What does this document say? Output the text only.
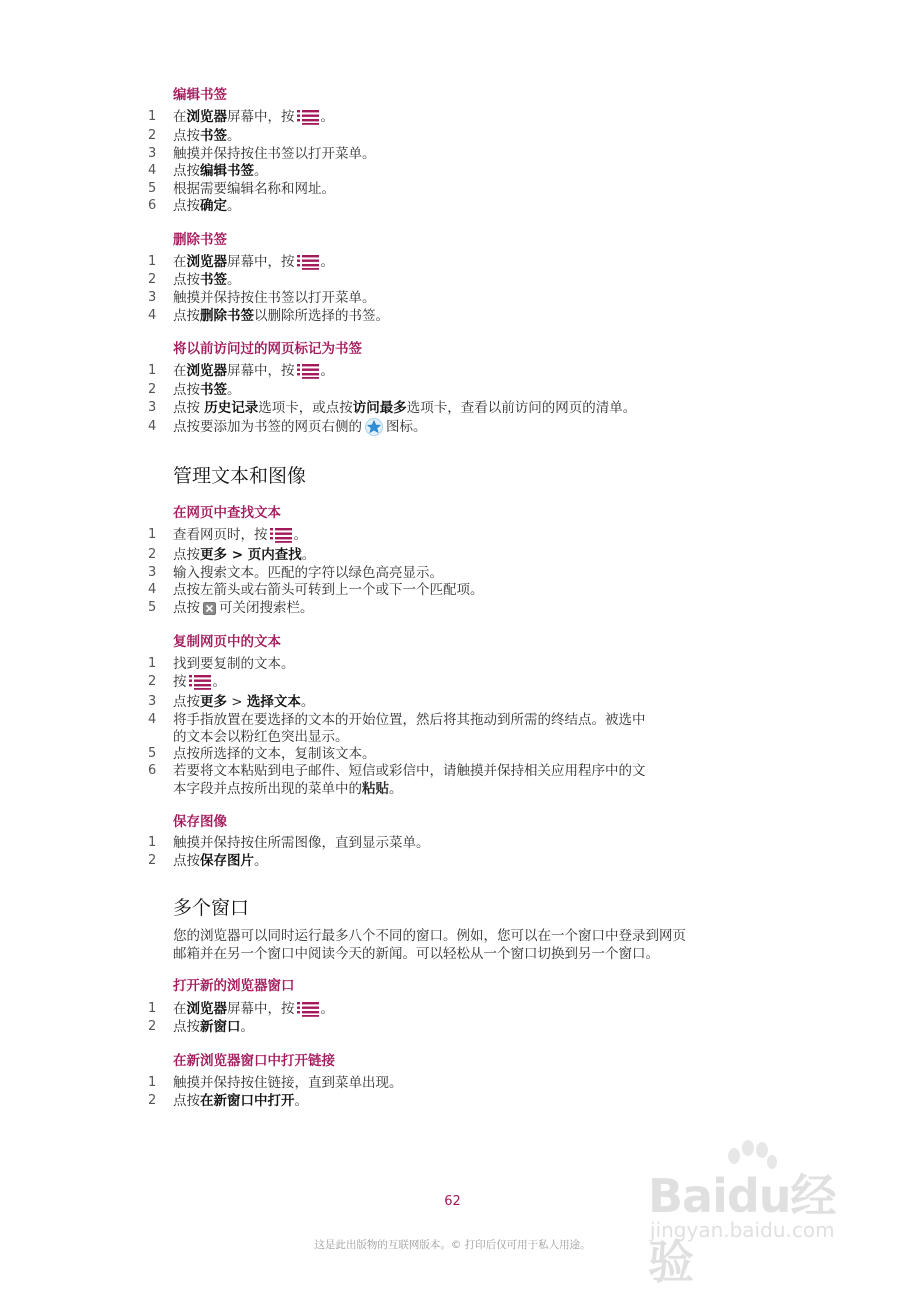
编辑书签
1 在浏览器屏幕中，按 。
2 点按书签。
3 触摸并保持按住书签以打开菜单。
4 点按编辑书签。
5 根据需要编辑名称和网址。
6 点按确定。
删除书签
1 在浏览器屏幕中，按 。
2 点按书签。
3 触摸并保持按住书签以打开菜单。
4 点按删除书签以删除所选择的书签。
将以前访问过的网页标记为书签
1 在浏览器屏幕中，按 。
2 点按书签。
3 点按 历史记录选项卡，或点按访问最多选项卡，查看以前访问的网页的清单。
4 点按要添加为书签的网页右侧的 图标。
管理文本和图像
在网页中查找文本
1 查看网页时，按 。
2 点按更多 > 页内查找。
3 输入搜索文本。匹配的字符以绿色高亮显示。
4 点按左箭头或右箭头可转到上一个或下一个匹配项。
5 点按 可关闭搜索栏。
复制网页中的文本
1 找到要复制的文本。
2 按 。
3 点按更多 > 选择文本。
4 将手指放置在要选择的文本的开始位置，然后将其拖动到所需的终结点。被选中
的文本会以粉红色突出显示。
5 点按所选择的文本，复制该文本。
6 若要将文本粘贴到电子邮件、短信或彩信中，请触摸并保持相关应用程序中的文
本字段并点按所出现的菜单中的粘贴。
保存图像
1 触摸并保持按住所需图像，直到显示菜单。
2 点按保存图片。
多个窗口
您的浏览器可以同时运行最多八个不同的窗口。例如，您可以在一个窗口中登录到网页
邮箱并在另一个窗口中阅读今天的新闻。可以轻松从一个窗口切换到另一个窗口。
打开新的浏览器窗口
1 在浏览器屏幕中，按 。
2 点按新窗口。
在新浏览器窗口中打开链接
1 触摸并保持按住链接，直到菜单出现。
2 点按在新窗口中打开。
62
这是此出版物的互联网版本。© 打印后仅可用于私人用途。
Baidu经验
jingyan.baidu.com
